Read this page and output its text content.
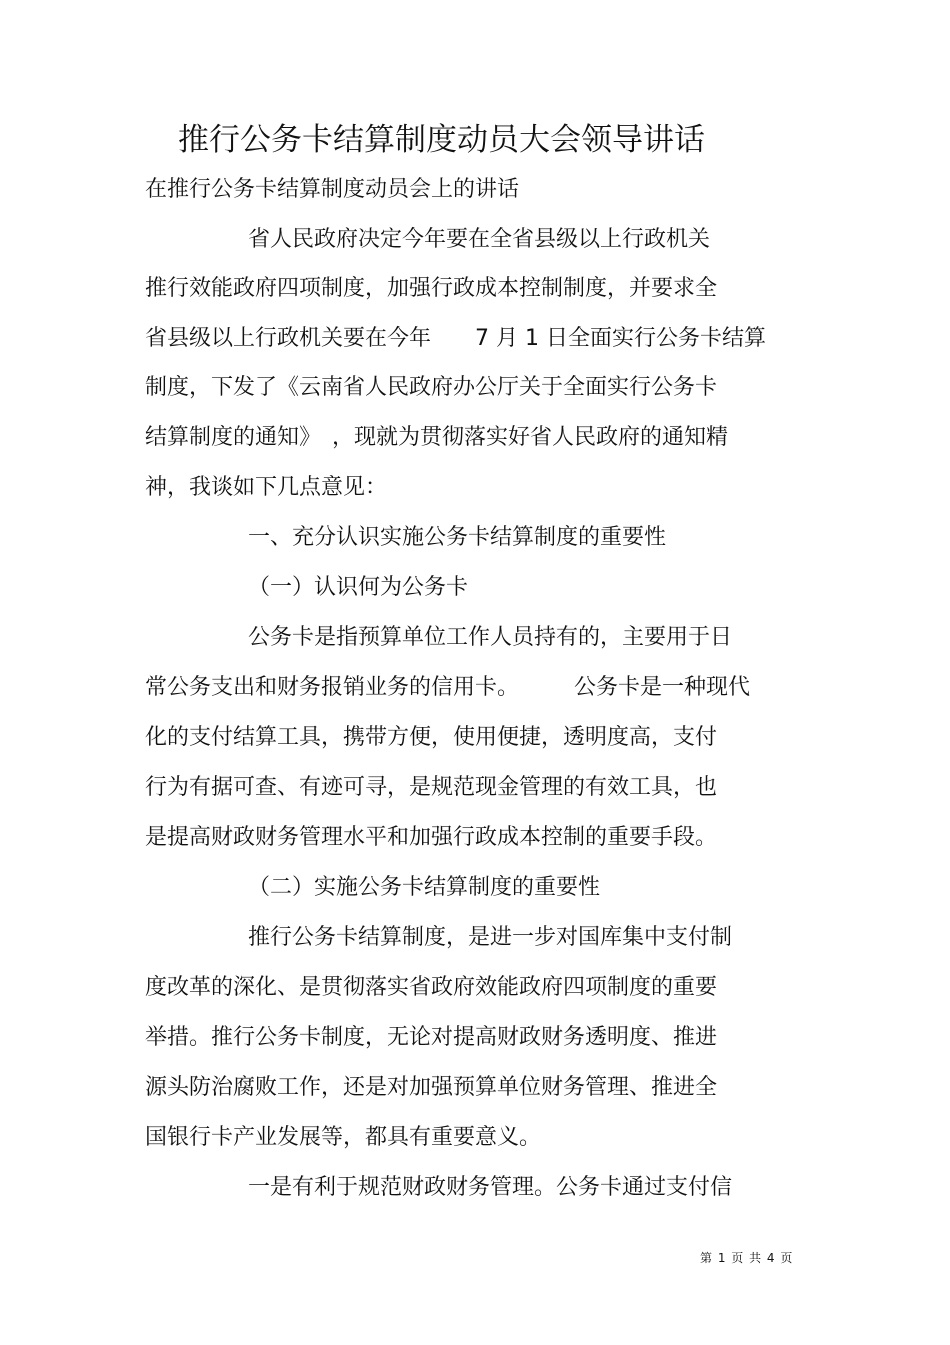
推行公务卡结算制度动员大会领导讲话
在推行公务卡结算制度动员会上的讲话
省人民政府决定今年要在全省县级以上行政机关
推行效能政府四项制度，加强行政成本控制制度，并要求全
省县级以上行政机关要在今年　　7 月 1 日全面实行公务卡结算
制度，下发了《云南省人民政府办公厅关于全面实行公务卡
结算制度的通知》　，现就为贯彻落实好省人民政府的通知精
神，我谈如下几点意见：
一、充分认识实施公务卡结算制度的重要性
（一）认识何为公务卡
公务卡是指预算单位工作人员持有的，主要用于日
常公务支出和财务报销业务的信用卡。　　　公务卡是一种现代
化的支付结算工具，携带方便，使用便捷，透明度高，支付
行为有据可查、有迹可寻，是规范现金管理的有效工具，也
是提高财政财务管理水平和加强行政成本控制的重要手段。
（二）实施公务卡结算制度的重要性
推行公务卡结算制度，是进一步对国库集中支付制
度改革的深化、是贯彻落实省政府效能政府四项制度的重要
举措。推行公务卡制度，无论对提高财政财务透明度、推进
源头防治腐败工作，还是对加强预算单位财务管理、推进全
国银行卡产业发展等，都具有重要意义。
一是有利于规范财政财务管理。公务卡通过支付信
第 1 页 共 4 页
